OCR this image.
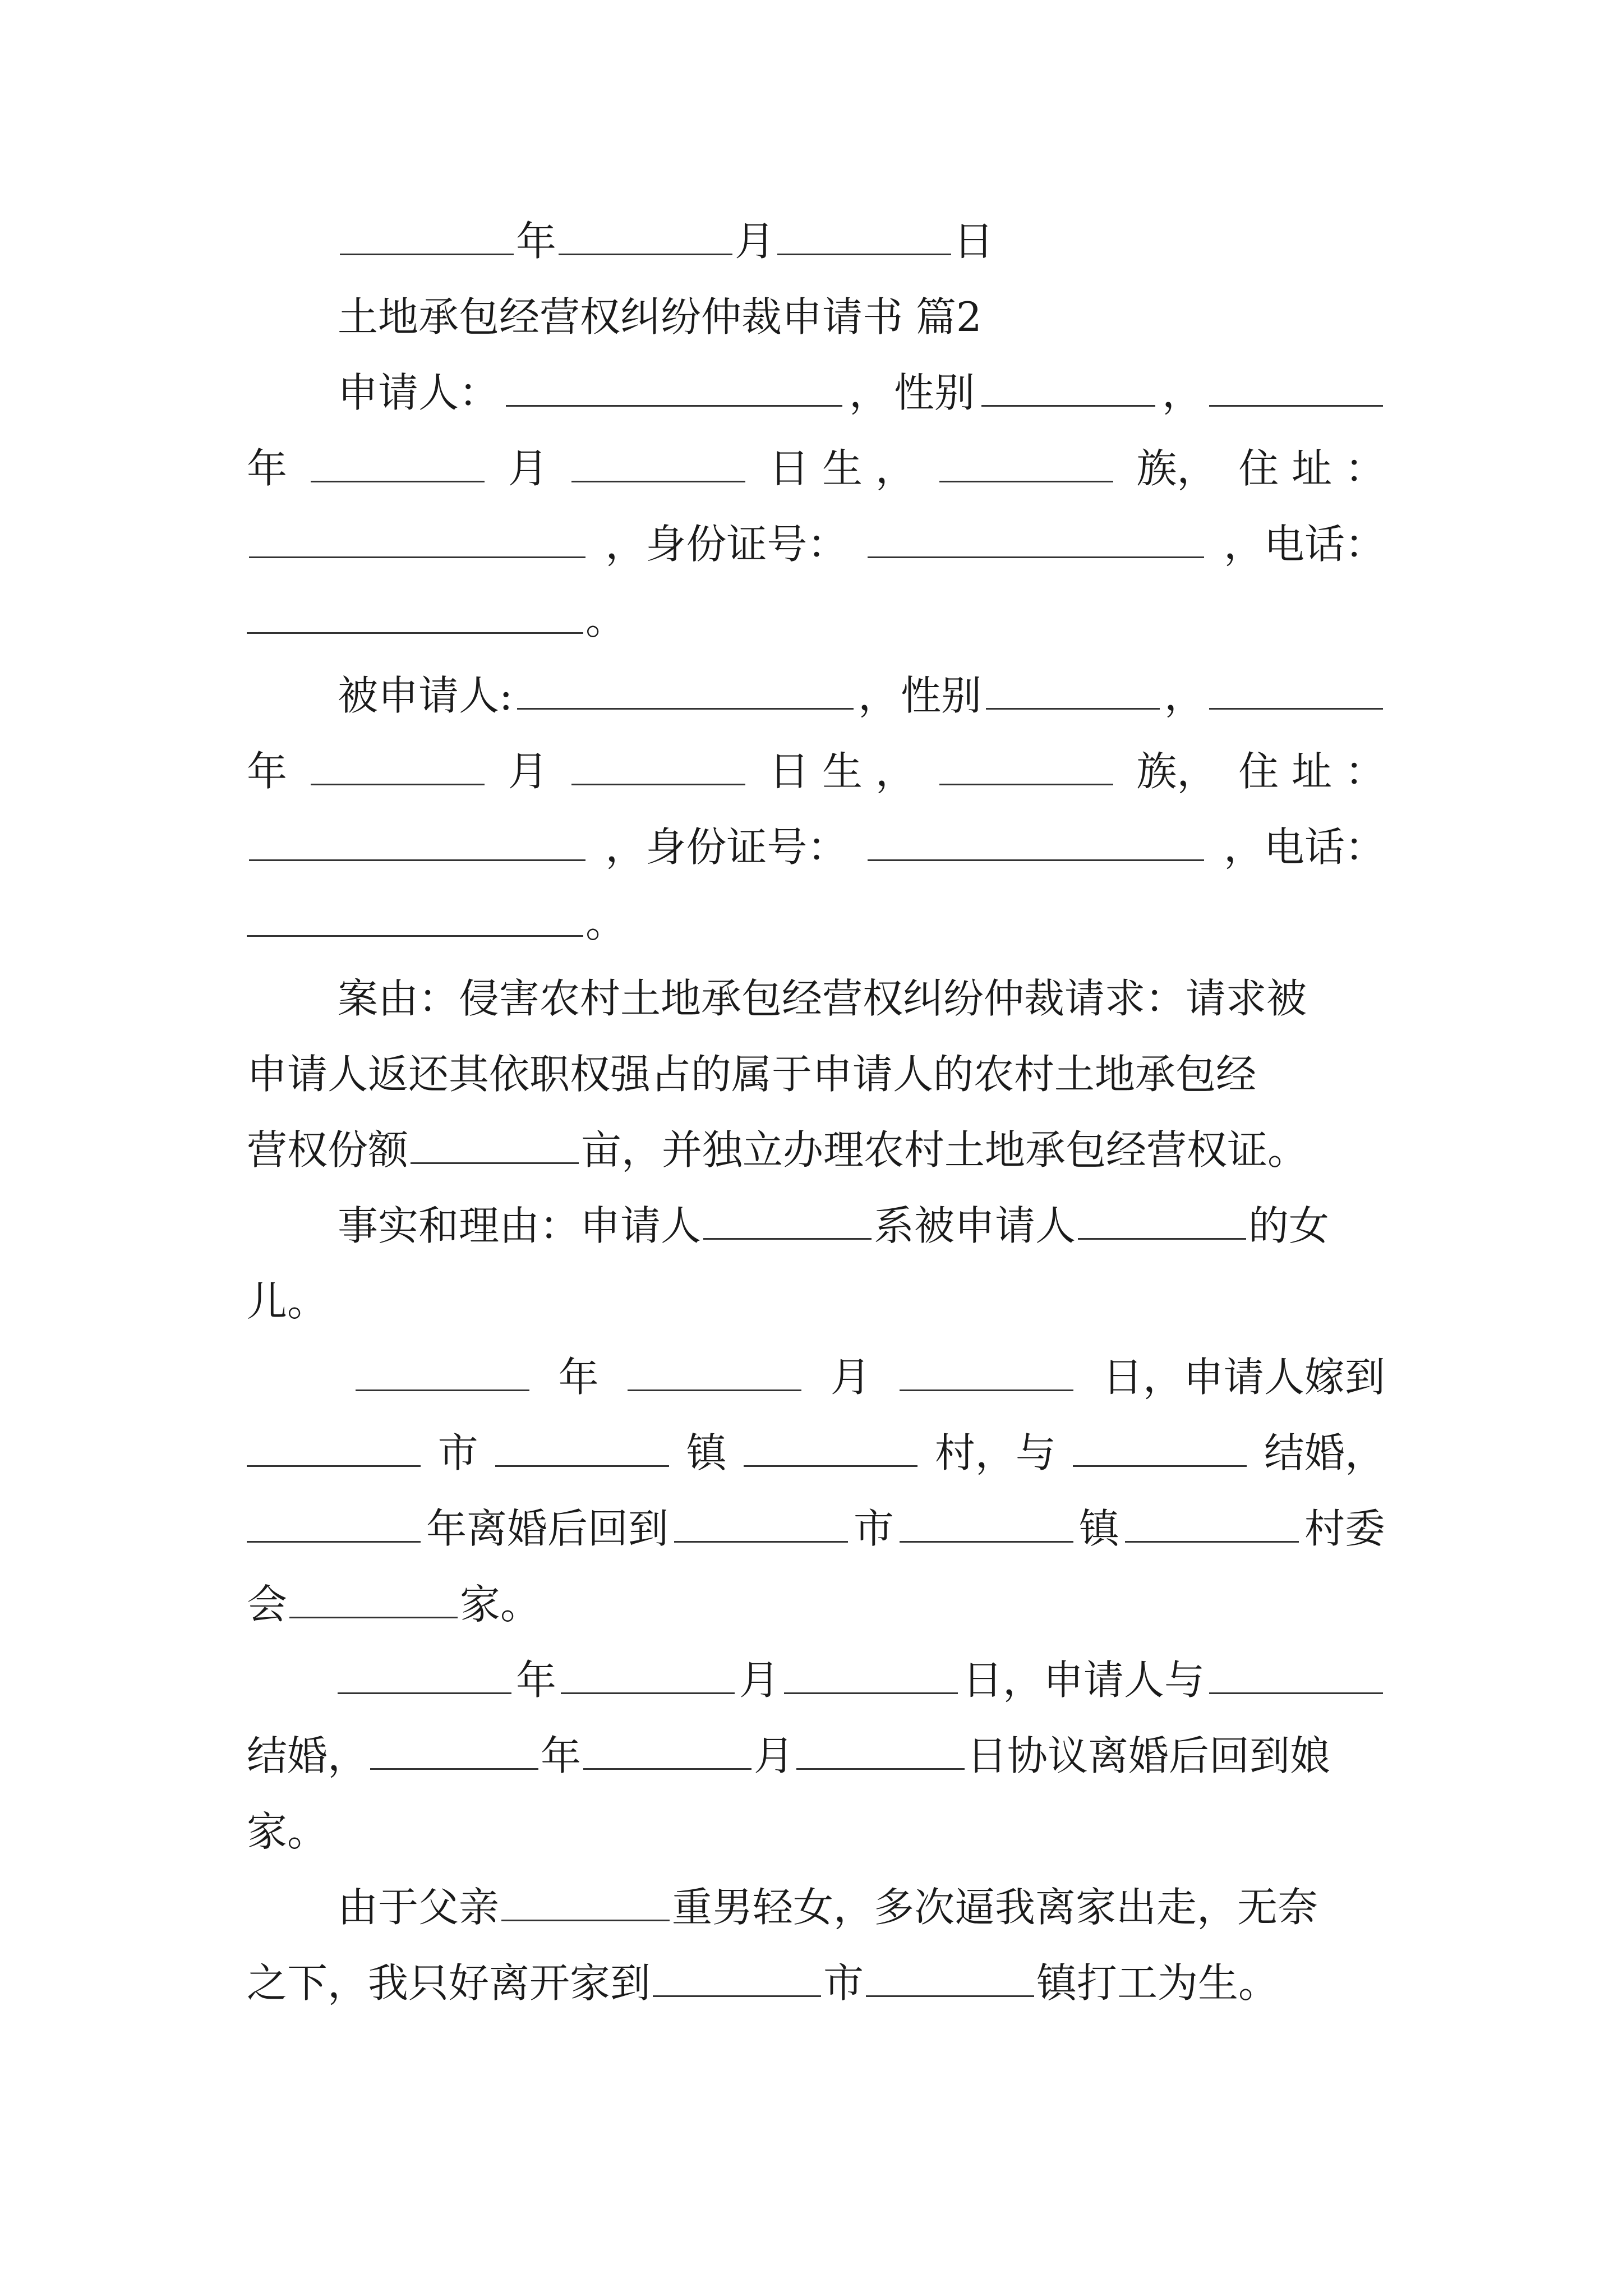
年	月	日
土地承包经营权纠纷仲裁申请书 篇2
申请人：	， 性别	，
年	月	日 生 ，	族， 住 址 ：
，身份证号：	，电话：
。
被申请人:	， 性别	，
年	月	日 生 ，	族， 住 址 ：
，身份证号：	，电话：
。
案由：侵害农村土地承包经营权纠纷仲裁请求：请求被
申请人返还其依职权强占的属于申请人的农村土地承包经
营权份额	亩，并独立办理农村土地承包经营权证。
事实和理由：申请人	系被申请人	的女
儿。
年	月	日，申请人嫁到
市	镇	村，与	结婚，
年离婚后回到	市	镇	村委
会	家。
年	月	日，申请人与
结婚，	年	月	日协议离婚后回到娘
家。
由于父亲	重男轻女，多次逼我离家出走，无奈
之下，我只好离开家到	市	镇打工为生。
